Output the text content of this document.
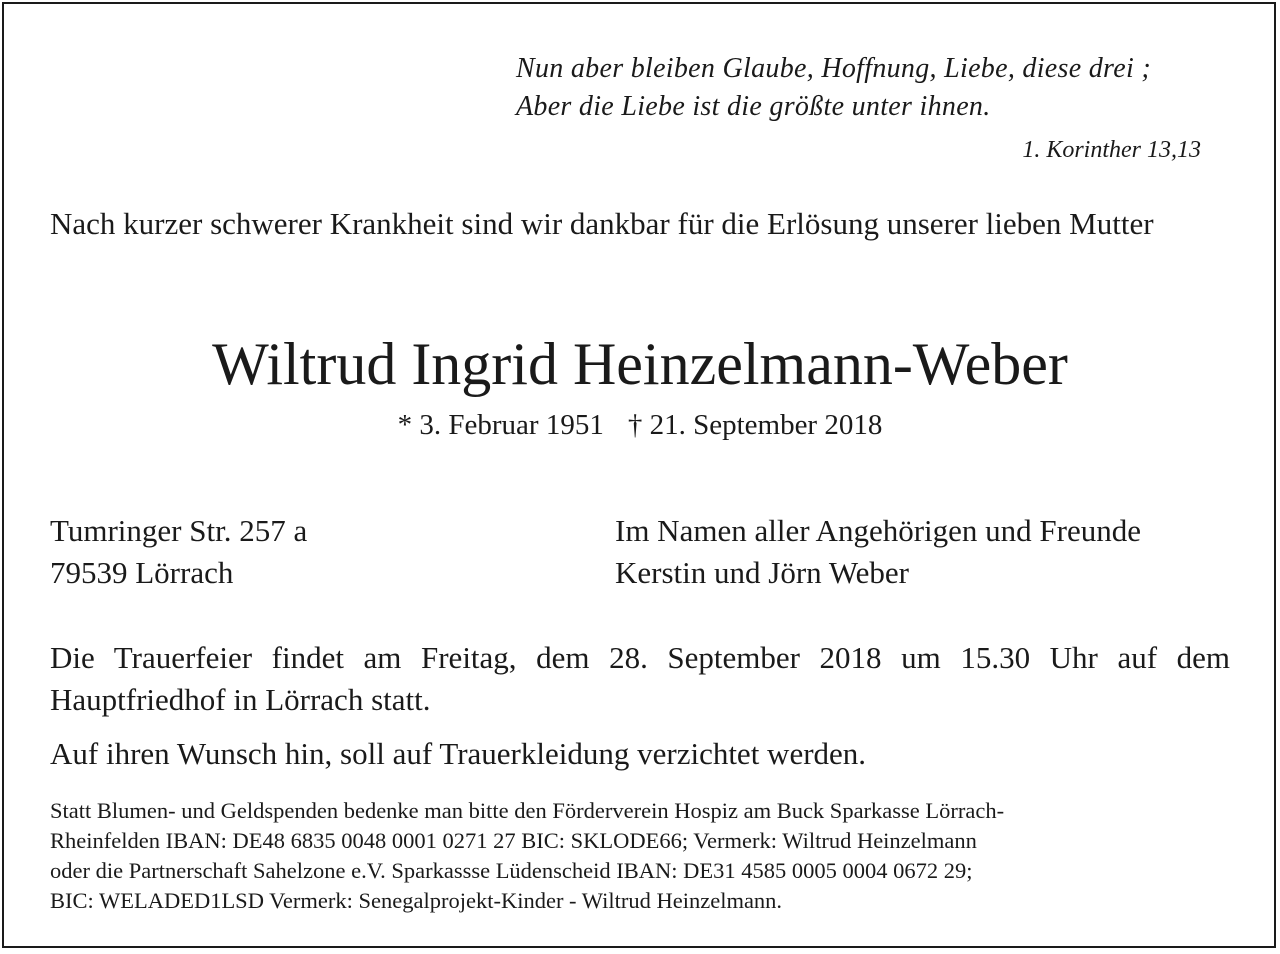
Nun aber bleiben Glaube, Hoffnung, Liebe, diese drei ;
Aber die Liebe ist die größte unter ihnen.
1. Korinther 13,13
Nach kurzer schwerer Krankheit sind wir dankbar für die Erlösung unserer lieben Mutter
Wiltrud Ingrid Heinzelmann-Weber
* 3. Februar 1951 † 21. September 2018
Tumringer Str. 257 a
79539 Lörrach
Im Namen aller Angehörigen und Freunde
Kerstin und Jörn Weber
Die Trauerfeier findet am Freitag, dem 28. September 2018 um 15.30 Uhr auf dem Hauptfriedhof in Lörrach statt.
Auf ihren Wunsch hin, soll auf Trauerkleidung verzichtet werden.
Statt Blumen- und Geldspenden bedenke man bitte den Förderverein Hospiz am Buck Sparkasse Lörrach-
Rheinfelden IBAN: DE48 6835 0048 0001 0271 27 BIC: SKLODE66; Vermerk: Wiltrud Heinzelmann
oder die Partnerschaft Sahelzone e.V. Sparkassse Lüdenscheid IBAN: DE31 4585 0005 0004 0672 29;
BIC: WELADED1LSD Vermerk: Senegalprojekt-Kinder - Wiltrud Heinzelmann.
